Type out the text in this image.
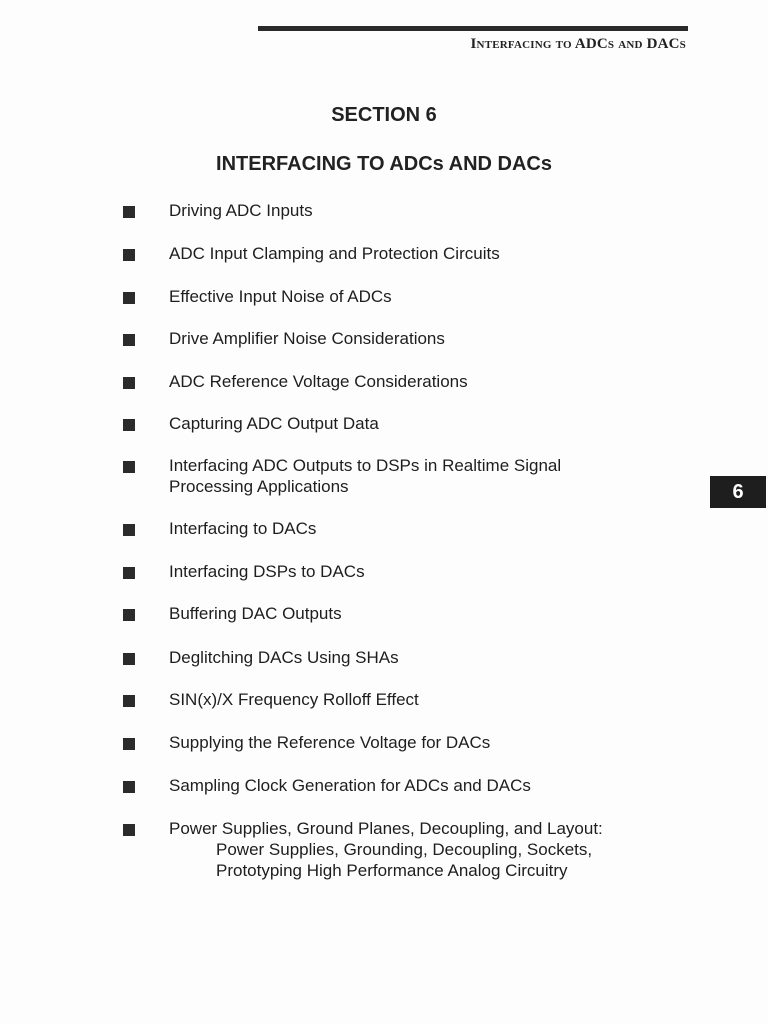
Interfacing to ADCs and DACs
SECTION 6
INTERFACING TO ADCs AND DACs
Driving ADC Inputs
ADC Input Clamping and Protection Circuits
Effective Input Noise of ADCs
Drive Amplifier Noise Considerations
ADC Reference Voltage Considerations
Capturing ADC Output Data
Interfacing ADC Outputs to DSPs in Realtime Signal
Processing Applications
Interfacing to DACs
Interfacing DSPs to DACs
Buffering DAC Outputs
Deglitching DACs Using SHAs
SIN(x)/X Frequency Rolloff Effect
Supplying the Reference Voltage for DACs
Sampling Clock Generation for ADCs and DACs
Power Supplies, Ground Planes, Decoupling, and Layout:
Power Supplies, Grounding, Decoupling, Sockets,
Prototyping High Performance Analog Circuitry
6
